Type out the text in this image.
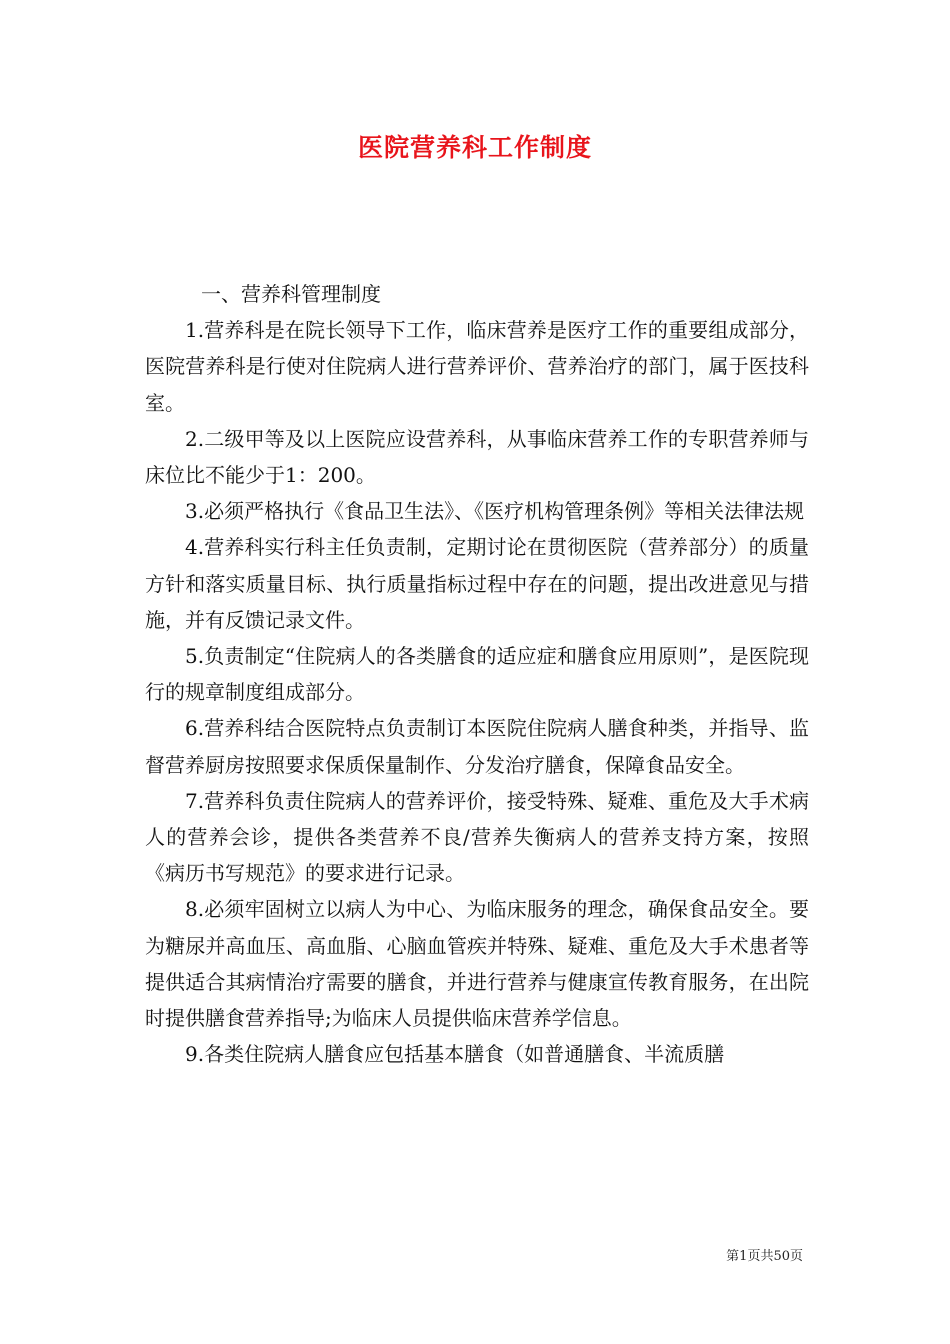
医院营养科工作制度

一、营养科管理制度

1.营养科是在院长领导下工作，临床营养是医疗工作的重要组成部分，医院营养科是行使对住院病人进行营养评价、营养治疗的部门，属于医技科室。

2.二级甲等及以上医院应设营养科，从事临床营养工作的专职营养师与床位比不能少于1：200。

3.必须严格执行《食品卫生法》、《医疗机构管理条例》等相关法律法规

4.营养科实行科主任负责制，定期讨论在贯彻医院（营养部分）的质量方针和落实质量目标、执行质量指标过程中存在的问题，提出改进意见与措施，并有反馈记录文件。

5.负责制定“住院病人的各类膳食的适应症和膳食应用原则”，是医院现行的规章制度组成部分。

6.营养科结合医院特点负责制订本医院住院病人膳食种类，并指导、监督营养厨房按照要求保质保量制作、分发治疗膳食，保障食品安全。

7.营养科负责住院病人的营养评价，接受特殊、疑难、重危及大手术病人的营养会诊，提供各类营养不良/营养失衡病人的营养支持方案，按照《病历书写规范》的要求进行记录。

8.必须牢固树立以病人为中心、为临床服务的理念，确保食品安全。要为糖尿并高血压、高血脂、心脑血管疾并特殊、疑难、重危及大手术患者等提供适合其病情治疗需要的膳食，并进行营养与健康宣传教育服务，在出院时提供膳食营养指导;为临床人员提供临床营养学信息。

9.各类住院病人膳食应包括基本膳食（如普通膳食、半流质膳

第1页共50页
